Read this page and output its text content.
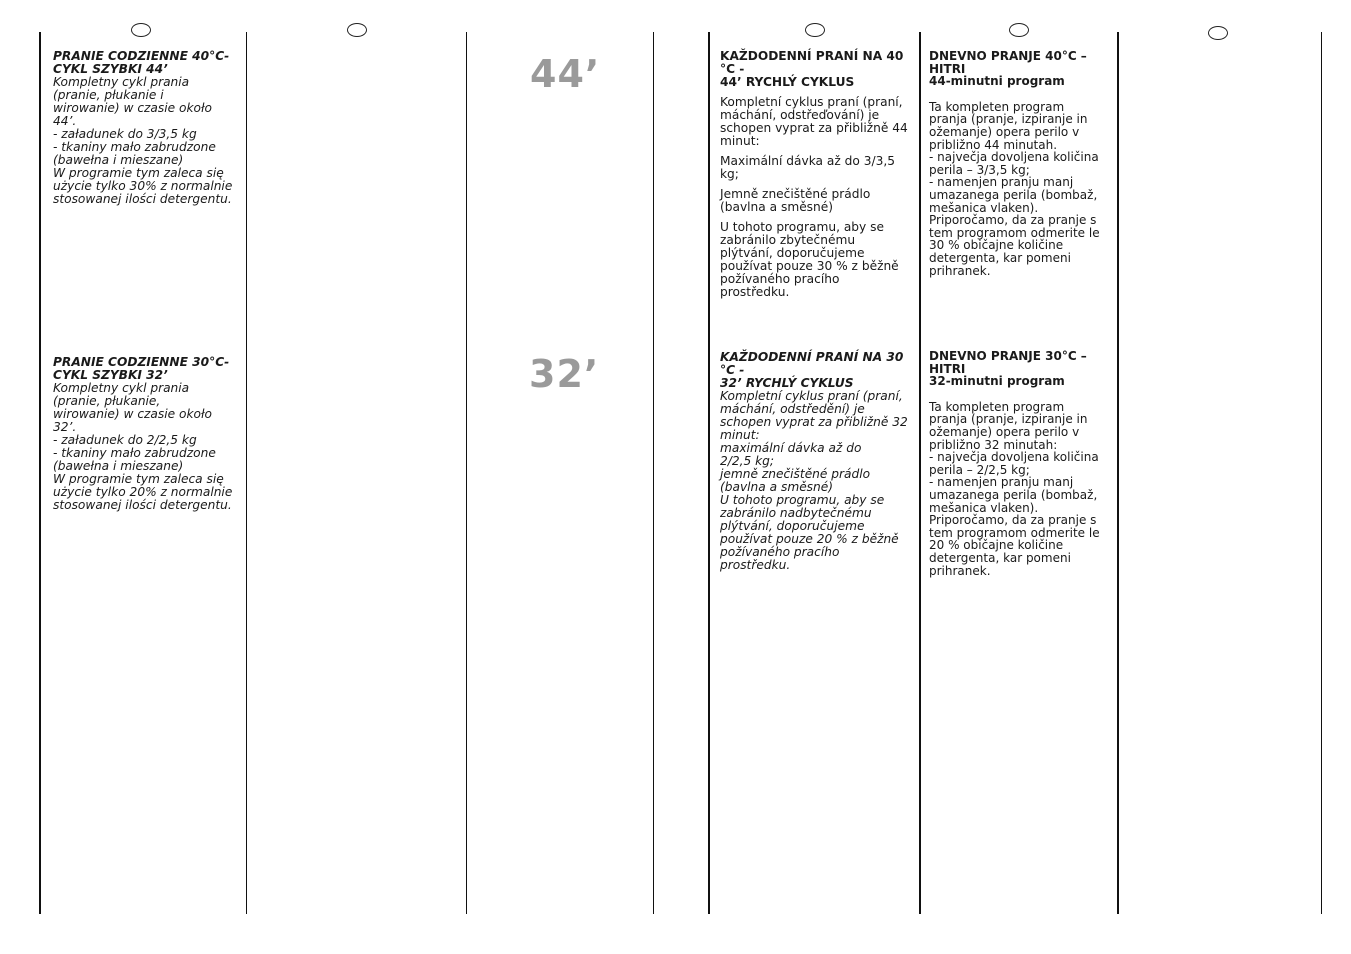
44’
32’

PRANIE CODZIENNE 40°C-
CYKL SZYBKI 44’

Kompletny cykl prania
(pranie, płukanie i
wirowanie) w czasie około
44’.
- załadunek do 3/3,5 kg
- tkaniny mało zabrudzone
(bawełna i mieszane)
W programie tym zaleca się
użycie tylko 30% z normalnie
stosowanej ilości detergentu.

PRANIE CODZIENNE 30°C-
CYKL SZYBKI 32’

Kompletny cykl prania
(pranie, płukanie,
wirowanie) w czasie około
32’.
- załadunek do 2/2,5 kg
- tkaniny mało zabrudzone
(bawełna i mieszane)
W programie tym zaleca się
użycie tylko 20% z normalnie
stosowanej ilości detergentu.

KAŽDODENNÍ PRANÍ NA 40 °C -
44’ RYCHLÝ CYKLUS

Kompletní cyklus praní (praní,
máchání, odstřeďování) je
schopen vyprat za přibližně 44
minut:

Maximální dávka až do 3/3,5
kg;

Jemně znečištěné prádlo
(bavlna a směsné)

U tohoto programu, aby se
zabránilo zbytečnému
plýtvání, doporučujeme
používat pouze 30 % z běžně
požívaného pracího
prostředku.

KAŽDODENNÍ PRANÍ NA 30 °C -
32’ RYCHLÝ CYKLUS

Kompletní cyklus praní (praní,
máchání, odstředění) je
schopen vyprat za přibližně 32
minut:
maximální dávka až do
2/2,5 kg;
jemně znečištěné prádlo
(bavlna a směsné)
U tohoto programu, aby se
zabránilo nadbytečnému
plýtvání, doporučujeme
používat pouze 20 % z běžně
požívaného pracího
prostředku.

DNEVNO PRANJE 40°C – HITRI
44-minutni program

Ta kompleten program
pranja (pranje, izpiranje in
ožemanje) opera perilo v
približno 44 minutah.
- največja dovoljena količina
perila – 3/3,5 kg;
- namenjen pranju manj
umazanega perila (bombaž,
mešanica vlaken).
Priporočamo, da za pranje s
tem programom odmerite le
30 % običajne količine
detergenta, kar pomeni
prihranek.

DNEVNO PRANJE 30°C – HITRI
32-minutni program

Ta kompleten program
pranja (pranje, izpiranje in
ožemanje) opera perilo v
približno 32 minutah:
- največja dovoljena količina
perila – 2/2,5 kg;
- namenjen pranju manj
umazanega perila (bombaž,
mešanica vlaken).
Priporočamo, da za pranje s
tem programom odmerite le
20 % običajne količine
detergenta, kar pomeni
prihranek.
